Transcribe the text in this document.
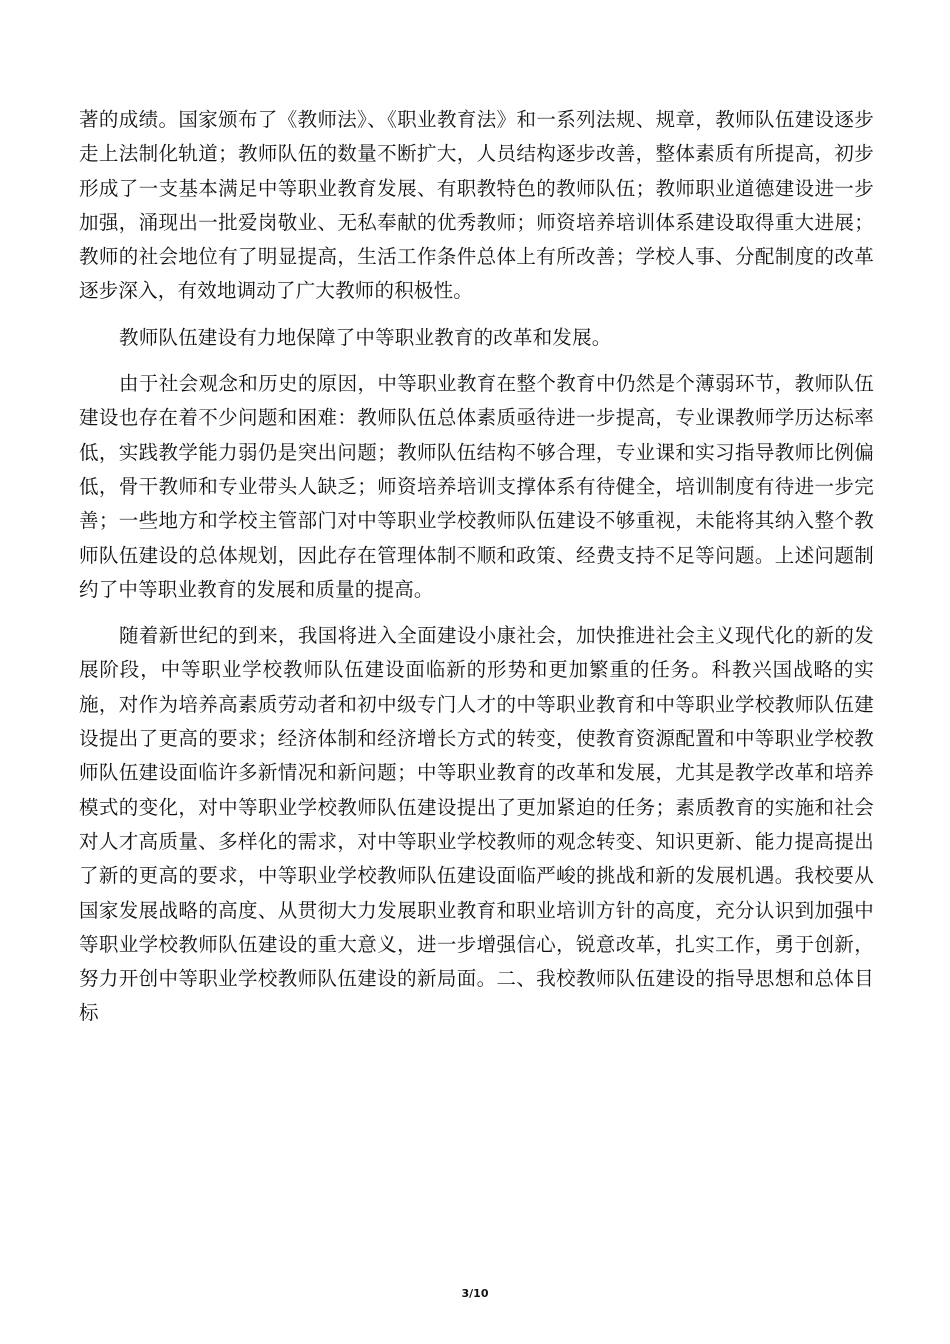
著的成绩。国家颁布了《教师法》、《职业教育法》和一系列法规、规章，教师队伍建设逐步走上法制化轨道；教师队伍的数量不断扩大，人员结构逐步改善，整体素质有所提高，初步形成了一支基本满足中等职业教育发展、有职教特色的教师队伍；教师职业道德建设进一步加强，涌现出一批爱岗敬业、无私奉献的优秀教师；师资培养培训体系建设取得重大进展；教师的社会地位有了明显提高，生活工作条件总体上有所改善；学校人事、分配制度的改革逐步深入，有效地调动了广大教师的积极性。

教师队伍建设有力地保障了中等职业教育的改革和发展。

由于社会观念和历史的原因，中等职业教育在整个教育中仍然是个薄弱环节，教师队伍建设也存在着不少问题和困难：教师队伍总体素质亟待进一步提高，专业课教师学历达标率低，实践教学能力弱仍是突出问题；教师队伍结构不够合理，专业课和实习指导教师比例偏低，骨干教师和专业带头人缺乏；师资培养培训支撑体系有待健全，培训制度有待进一步完善；一些地方和学校主管部门对中等职业学校教师队伍建设不够重视，未能将其纳入整个教师队伍建设的总体规划，因此存在管理体制不顺和政策、经费支持不足等问题。上述问题制约了中等职业教育的发展和质量的提高。

随着新世纪的到来，我国将进入全面建设小康社会，加快推进社会主义现代化的新的发展阶段，中等职业学校教师队伍建设面临新的形势和更加繁重的任务。科教兴国战略的实施，对作为培养高素质劳动者和初中级专门人才的中等职业教育和中等职业学校教师队伍建设提出了更高的要求；经济体制和经济增长方式的转变，使教育资源配置和中等职业学校教师队伍建设面临许多新情况和新问题；中等职业教育的改革和发展，尤其是教学改革和培养模式的变化，对中等职业学校教师队伍建设提出了更加紧迫的任务；素质教育的实施和社会对人才高质量、多样化的需求，对中等职业学校教师的观念转变、知识更新、能力提高提出了新的更高的要求，中等职业学校教师队伍建设面临严峻的挑战和新的发展机遇。我校要从国家发展战略的高度、从贯彻大力发展职业教育和职业培训方针的高度，充分认识到加强中等职业学校教师队伍建设的重大意义，进一步增强信心，锐意改革，扎实工作，勇于创新，努力开创中等职业学校教师队伍建设的新局面。二、我校教师队伍建设的指导思想和总体目标

3/10
